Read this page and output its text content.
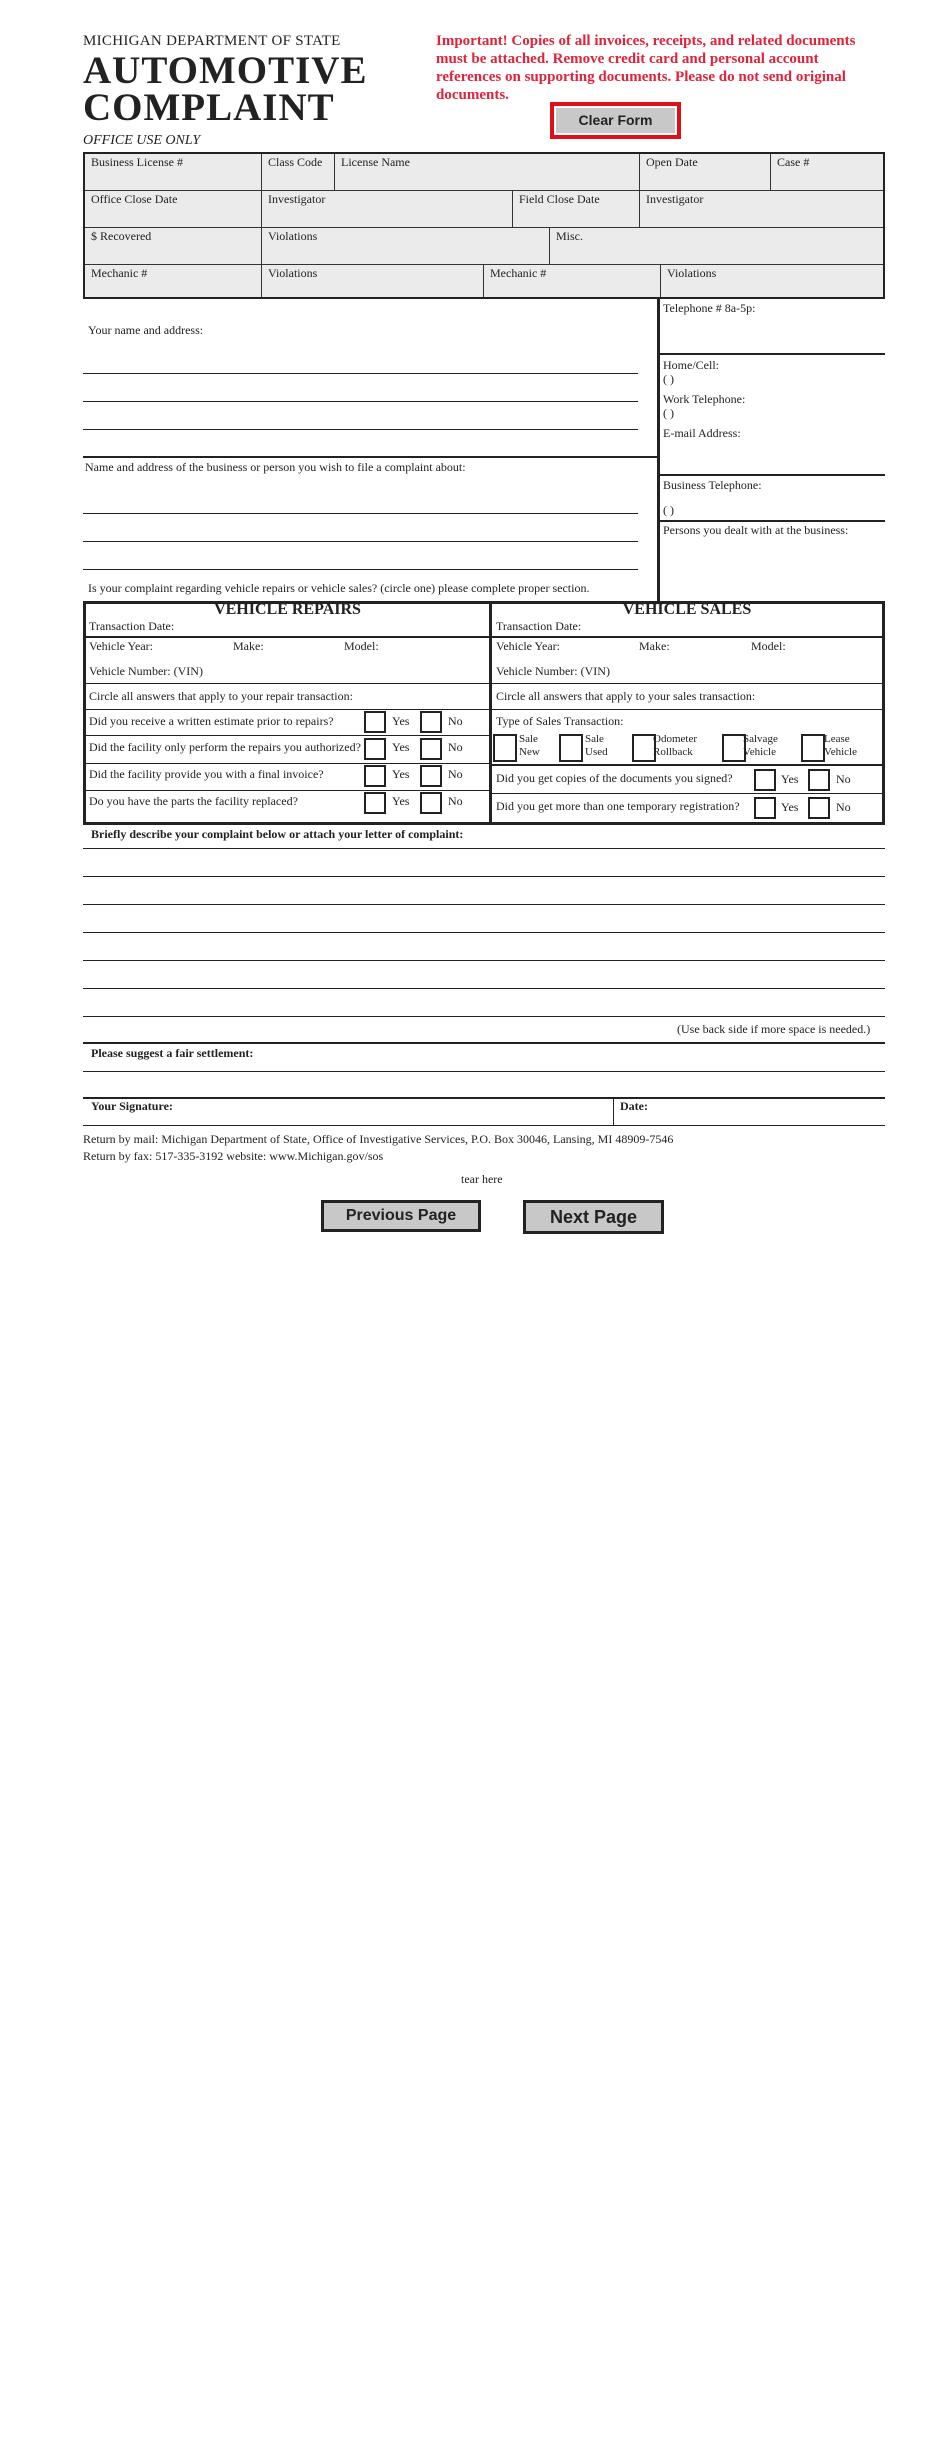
MICHIGAN DEPARTMENT OF STATE
AUTOMOTIVE
COMPLAINT
OFFICE USE ONLY
Important! Copies of all invoices, receipts, and related documents must be attached. Remove credit card and personal account references on supporting documents. Please do not send original documents.
Clear Form
Business License #	Class Code	License Name	Open Date	Case #
Office Close Date	Investigator	Field Close Date	Investigator
$ Recovered	Violations	Misc.
Mechanic #	Violations	Mechanic #	Violations
Your name and address:
Telephone # 8a-5p:
Home/Cell:
( )
Work Telephone:
( )
E-mail Address:
Business Telephone:
( )
Persons you dealt with at the business:
Name and address of the business or person you wish to file a complaint about:
Is your complaint regarding vehicle repairs or vehicle sales? (circle one) please complete proper section.
VEHICLE REPAIRS
Transaction Date:
Vehicle Year:	Make:	Model:
Vehicle Number: (VIN)
Circle all answers that apply to your repair transaction:
Did you receive a written estimate prior to repairs?	Yes	No
Did the facility only perform the repairs you authorized?	Yes	No
Did the facility provide you with a final invoice?	Yes	No
Do you have the parts the facility replaced?	Yes	No
VEHICLE SALES
Transaction Date:
Vehicle Year:	Make:	Model:
Vehicle Number: (VIN)
Circle all answers that apply to your sales transaction:
Type of Sales Transaction:
Sale
New
Sale
Used
Odometer
Rollback
Salvage
Vehicle
Lease
Vehicle
Did you get copies of the documents you signed?	Yes	No
Did you get more than one temporary registration?	Yes	No
Briefly describe your complaint below or attach your letter of complaint:
(Use back side if more space is needed.)
Please suggest a fair settlement:
Your Signature:	Date:
Return by mail: Michigan Department of State, Office of Investigative Services, P.O. Box 30046, Lansing, MI 48909-7546
Return by fax: 517-335-3192 website: www.Michigan.gov/sos
tear here
Previous Page	Next Page
